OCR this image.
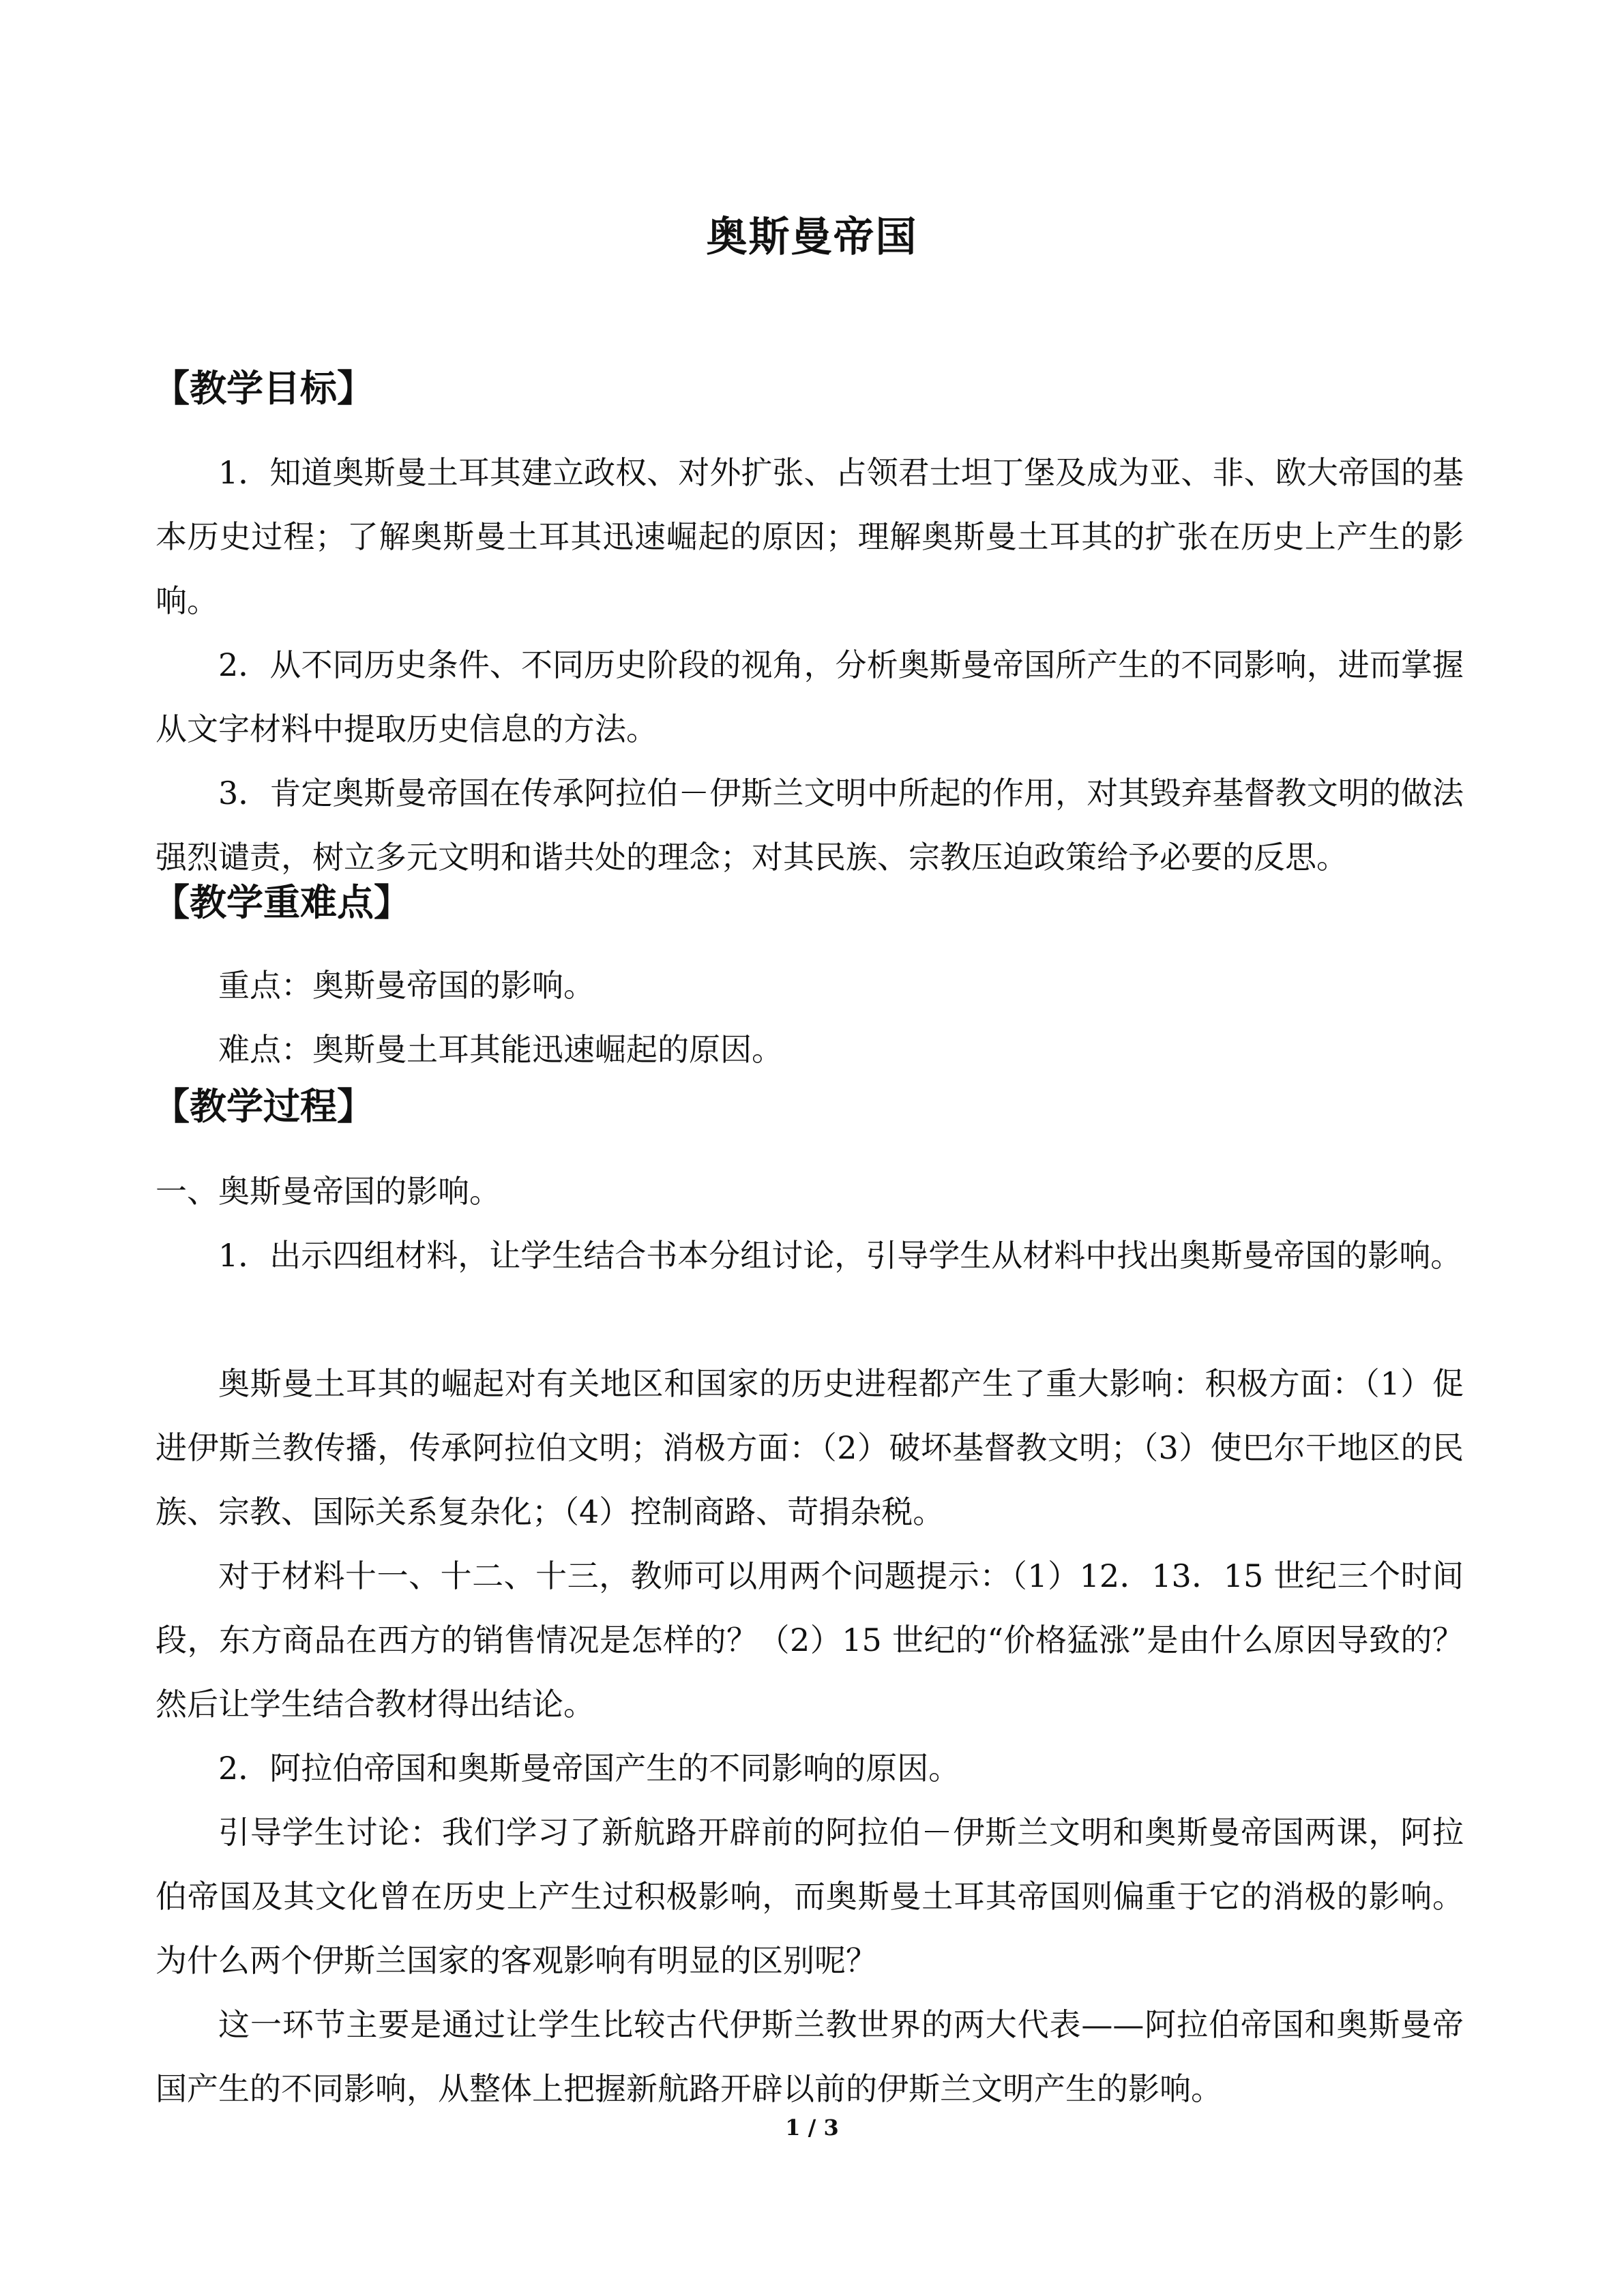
奥斯曼帝国
【教学目标】
1．知道奥斯曼土耳其建立政权、对外扩张、占领君士坦丁堡及成为亚、非、欧大帝国的基本历史过程；了解奥斯曼土耳其迅速崛起的原因；理解奥斯曼土耳其的扩张在历史上产生的影响。
2．从不同历史条件、不同历史阶段的视角，分析奥斯曼帝国所产生的不同影响，进而掌握从文字材料中提取历史信息的方法。
3．肯定奥斯曼帝国在传承阿拉伯－伊斯兰文明中所起的作用，对其毁弃基督教文明的做法强烈谴责，树立多元文明和谐共处的理念；对其民族、宗教压迫政策给予必要的反思。
【教学重难点】
重点：奥斯曼帝国的影响。
难点：奥斯曼土耳其能迅速崛起的原因。
【教学过程】
一、奥斯曼帝国的影响。
1．出示四组材料，让学生结合书本分组讨论，引导学生从材料中找出奥斯曼帝国的影响。
奥斯曼土耳其的崛起对有关地区和国家的历史进程都产生了重大影响：积极方面：（1）促进伊斯兰教传播，传承阿拉伯文明；消极方面：（2）破坏基督教文明；（3）使巴尔干地区的民族、宗教、国际关系复杂化；（4）控制商路、苛捐杂税。
对于材料十一、十二、十三，教师可以用两个问题提示：（1）12．13．15 世纪三个时间段，东方商品在西方的销售情况是怎样的？（2）15 世纪的“价格猛涨”是由什么原因导致的？然后让学生结合教材得出结论。
2．阿拉伯帝国和奥斯曼帝国产生的不同影响的原因。
引导学生讨论：我们学习了新航路开辟前的阿拉伯－伊斯兰文明和奥斯曼帝国两课，阿拉伯帝国及其文化曾在历史上产生过积极影响，而奥斯曼土耳其帝国则偏重于它的消极的影响。为什么两个伊斯兰国家的客观影响有明显的区别呢？
这一环节主要是通过让学生比较古代伊斯兰教世界的两大代表——阿拉伯帝国和奥斯曼帝国产生的不同影响，从整体上把握新航路开辟以前的伊斯兰文明产生的影响。
1 / 3
